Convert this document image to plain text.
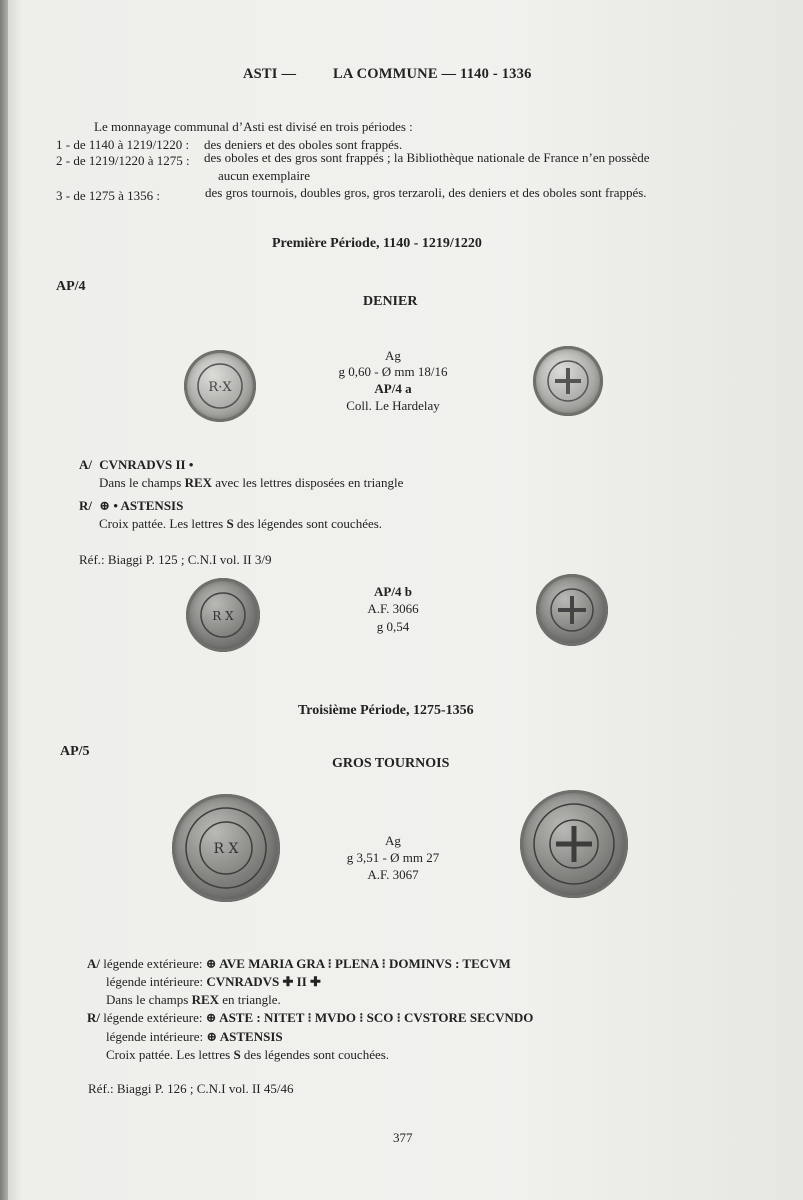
ASTI —	LA COMMUNE — 1140 - 1336
Le monnayage communal d’Asti est divisé en trois périodes :
1 - de 1140 à 1219/1220 : des deniers et des oboles sont frappés.
2 - de 1219/1220 à 1275 : des oboles et des gros sont frappés ; la Bibliothèque nationale de France n’en possède
aucun exemplaire
3 - de 1275 à 1356 :	des gros tournois, doubles gros, gros terzaroli, des deniers et des oboles sont frappés.
Première Période, 1140 - 1219/1220
AP/4
DENIER
R·X
Ag
g 0,60 - Ø mm 18/16
AP/4 a
Coll. Le Hardelay
A/ CVNRADVS II •
Dans le champs REX avec les lettres disposées en triangle
R/ ⊕ • ASTENSIS
Croix pattée. Les lettres S des légendes sont couchées.
Réf.: Biaggi P. 125 ; C.N.I vol. II 3/9
R X
AP/4 b
A.F. 3066
g 0,54
Troisième Période, 1275-1356
AP/5
GROS TOURNOIS
R X
Ag
g 3,51 - Ø mm 27
A.F. 3067
A/ légende extérieure: ⊕ AVE MARIA GRA ⁝ PLENA ⁝ DOMINVS : TECVM
légende intérieure: CVNRADVS ✚ II ✚
Dans le champs REX en triangle.
R/ légende extérieure: ⊕ ASTE : NITET ⁝ MVDO ⁝ SCO ⁝ CVSTORE SECVNDO
légende intérieure: ⊕ ASTENSIS
Croix pattée. Les lettres S des légendes sont couchées.
Réf.: Biaggi P. 126 ; C.N.I vol. II 45/46
377
